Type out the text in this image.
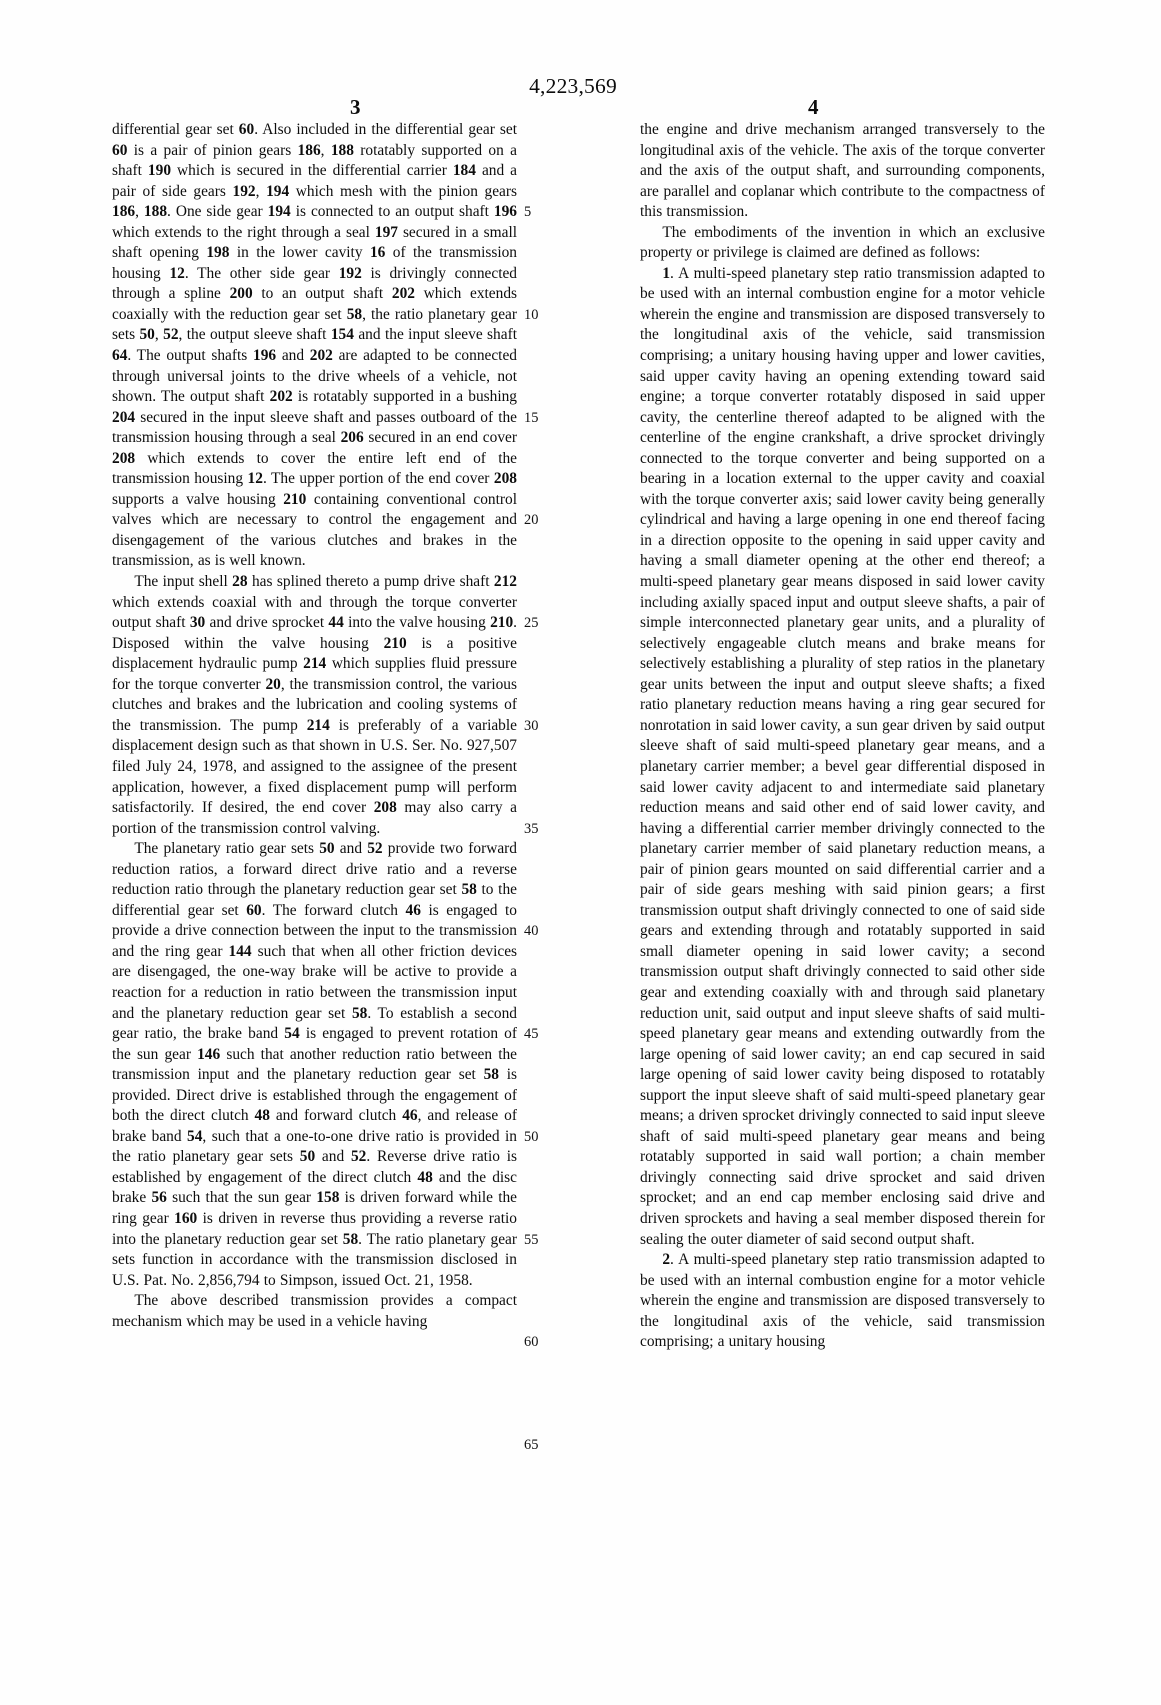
4,223,569
3	4

differential gear set 60. Also included in the differential gear set 60 is a pair of pinion gears 186, 188 rotatably supported on a shaft 190 which is secured in the differential carrier 184 and a pair of side gears 192, 194 which mesh with the pinion gears 186, 188. One side gear 194 is connected to an output shaft 196 which extends to the right through a seal 197 secured in a small shaft opening 198 in the lower cavity 16 of the transmission housing 12. The other side gear 192 is drivingly connected through a spline 200 to an output shaft 202 which extends coaxially with the reduction gear set 58, the ratio planetary gear sets 50, 52, the output sleeve shaft 154 and the input sleeve shaft 64. The output shafts 196 and 202 are adapted to be connected through universal joints to the drive wheels of a vehicle, not shown. The output shaft 202 is rotatably supported in a bushing 204 secured in the input sleeve shaft and passes outboard of the transmission housing through a seal 206 secured in an end cover 208 which extends to cover the entire left end of the transmission housing 12. The upper portion of the end cover 208 supports a valve housing 210 containing conventional control valves which are necessary to control the engagement and disengagement of the various clutches and brakes in the transmission, as is well known.

The input shell 28 has splined thereto a pump drive shaft 212 which extends coaxial with and through the torque converter output shaft 30 and drive sprocket 44 into the valve housing 210. Disposed within the valve housing 210 is a positive displacement hydraulic pump 214 which supplies fluid pressure for the torque converter 20, the transmission control, the various clutches and brakes and the lubrication and cooling systems of the transmission. The pump 214 is preferably of a variable displacement design such as that shown in U.S. Ser. No. 927,507 filed July 24, 1978, and assigned to the assignee of the present application, however, a fixed displacement pump will perform satisfactorily. If desired, the end cover 208 may also carry a portion of the transmission control valving.

The planetary ratio gear sets 50 and 52 provide two forward reduction ratios, a forward direct drive ratio and a reverse reduction ratio through the planetary reduction gear set 58 to the differential gear set 60. The forward clutch 46 is engaged to provide a drive connection between the input to the transmission and the ring gear 144 such that when all other friction devices are disengaged, the one-way brake will be active to provide a reaction for a reduction in ratio between the transmission input and the planetary reduction gear set 58. To establish a second gear ratio, the brake band 54 is engaged to prevent rotation of the sun gear 146 such that another reduction ratio between the transmission input and the planetary reduction gear set 58 is provided. Direct drive is established through the engagement of both the direct clutch 48 and forward clutch 46, and release of brake band 54, such that a one-to-one drive ratio is provided in the ratio planetary gear sets 50 and 52. Reverse drive ratio is established by engagement of the direct clutch 48 and the disc brake 56 such that the sun gear 158 is driven forward while the ring gear 160 is driven in reverse thus providing a reverse ratio into the planetary reduction gear set 58. The ratio planetary gear sets function in accordance with the transmission disclosed in U.S. Pat. No. 2,856,794 to Simpson, issued Oct. 21, 1958.

The above described transmission provides a compact mechanism which may be used in a vehicle having

the engine and drive mechanism arranged transversely to the longitudinal axis of the vehicle. The axis of the torque converter and the axis of the output shaft, and surrounding components, are parallel and coplanar which contribute to the compactness of this transmission.

The embodiments of the invention in which an exclusive property or privilege is claimed are defined as follows:

1. A multi-speed planetary step ratio transmission adapted to be used with an internal combustion engine for a motor vehicle wherein the engine and transmission are disposed transversely to the longitudinal axis of the vehicle, said transmission comprising; a unitary housing having upper and lower cavities, said upper cavity having an opening extending toward said engine; a torque converter rotatably disposed in said upper cavity, the centerline thereof adapted to be aligned with the centerline of the engine crankshaft, a drive sprocket drivingly connected to the torque converter and being supported on a bearing in a location external to the upper cavity and coaxial with the torque converter axis; said lower cavity being generally cylindrical and having a large opening in one end thereof facing in a direction opposite to the opening in said upper cavity and having a small diameter opening at the other end thereof; a multi-speed planetary gear means disposed in said lower cavity including axially spaced input and output sleeve shafts, a pair of simple interconnected planetary gear units, and a plurality of selectively engageable clutch means and brake means for selectively establishing a plurality of step ratios in the planetary gear units between the input and output sleeve shafts; a fixed ratio planetary reduction means having a ring gear secured for nonrotation in said lower cavity, a sun gear driven by said output sleeve shaft of said multi-speed planetary gear means, and a planetary carrier member; a bevel gear differential disposed in said lower cavity adjacent to and intermediate said planetary reduction means and said other end of said lower cavity, and having a differential carrier member drivingly connected to the planetary carrier member of said planetary reduction means, a pair of pinion gears mounted on said differential carrier and a pair of side gears meshing with said pinion gears; a first transmission output shaft drivingly connected to one of said side gears and extending through and rotatably supported in said small diameter opening in said lower cavity; a second transmission output shaft drivingly connected to said other side gear and extending coaxially with and through said planetary reduction unit, said output and input sleeve shafts of said multi-speed planetary gear means and extending outwardly from the large opening of said lower cavity; an end cap secured in said large opening of said lower cavity being disposed to rotatably support the input sleeve shaft of said multi-speed planetary gear means; a driven sprocket drivingly connected to said input sleeve shaft of said multi-speed planetary gear means and being rotatably supported in said wall portion; a chain member drivingly connecting said drive sprocket and said driven sprocket; and an end cap member enclosing said drive and driven sprockets and having a seal member disposed therein for sealing the outer diameter of said second output shaft.

2. A multi-speed planetary step ratio transmission adapted to be used with an internal combustion engine for a motor vehicle wherein the engine and transmission are disposed transversely to the longitudinal axis of the vehicle, said transmission comprising; a unitary housing

5
10
15
20
25
30
35
40
45
50
55
60
65
